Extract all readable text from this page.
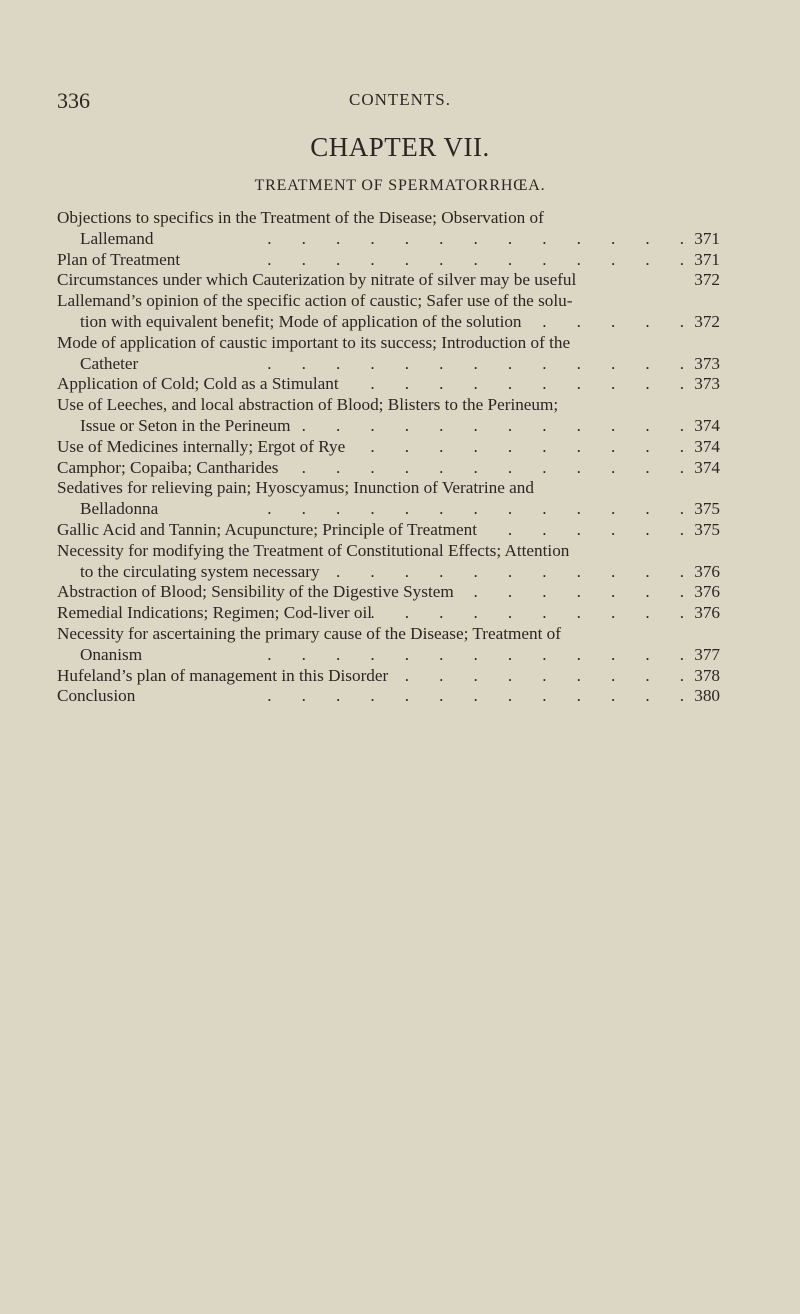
336	CONTENTS.
CHAPTER VII.
TREATMENT OF SPERMATORRHŒA.
Objections to specifics in the Treatment of the Disease; Observation of
Lallemand .	371
Plan of Treatment .	371
Circumstances under which Cauterization by nitrate of silver may be useful	372
Lallemand’s opinion of the specific action of caustic; Safer use of the solu-
tion with equivalent benefit; Mode of application of the solution .	372
Mode of application of caustic important to its success; Introduction of the
Catheter .	373
Application of Cold; Cold as a Stimulant .	373
Use of Leeches, and local abstraction of Blood; Blisters to the Perineum;
Issue or Seton in the Perineum .	374
Use of Medicines internally; Ergot of Rye .	374
Camphor; Copaiba; Cantharides .	374
Sedatives for relieving pain; Hyoscyamus; Inunction of Veratrine and
Belladonna .	375
Gallic Acid and Tannin; Acupuncture; Principle of Treatment .	375
Necessity for modifying the Treatment of Constitutional Effects; Attention
to the circulating system necessary .	376
Abstraction of Blood; Sensibility of the Digestive System .	376
Remedial Indications; Regimen; Cod-liver oil .	376
Necessity for ascertaining the primary cause of the Disease; Treatment of
Onanism .	377
Hufeland’s plan of management in this Disorder .	378
Conclusion .	380
